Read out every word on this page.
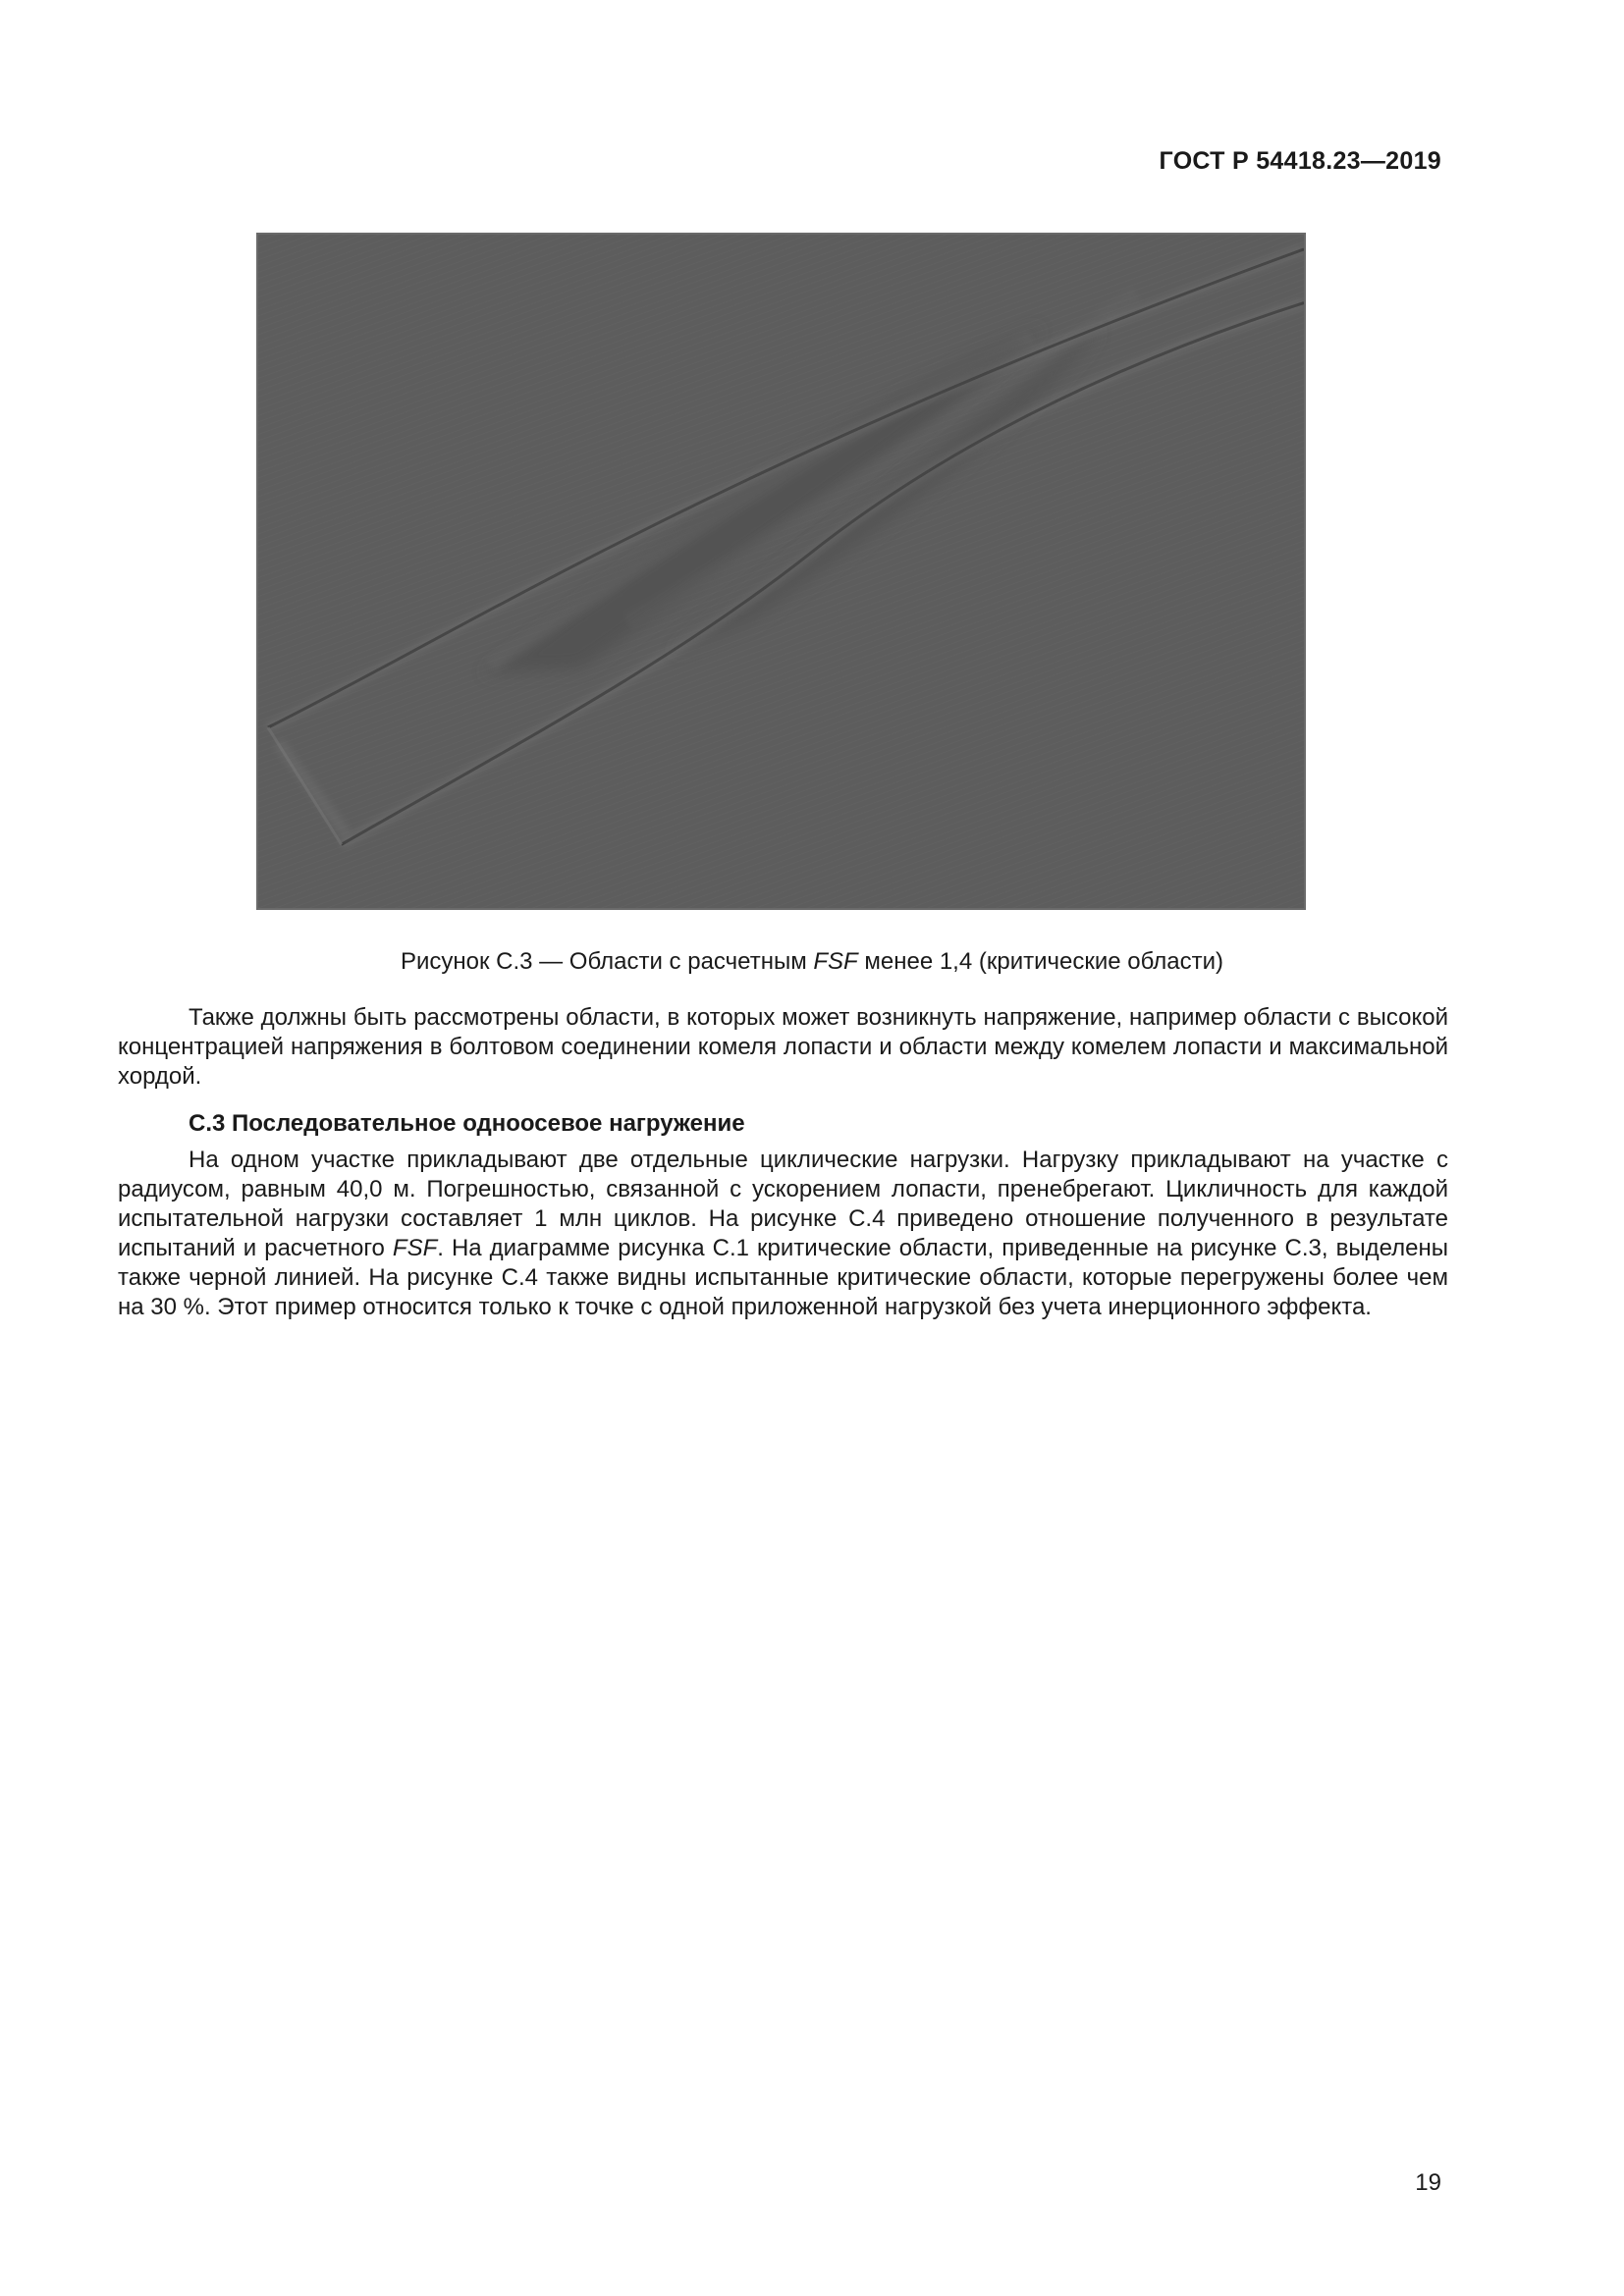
ГОСТ Р 54418.23—2019
Рисунок С.3 — Области с расчетным FSF менее 1,4 (критические области)
Также должны быть рассмотрены области, в которых может возникнуть напряжение, например области с высокой концентрацией напряжения в болтовом соединении комеля лопасти и области между комелем лопасти и максимальной хордой.
С.3 Последовательное одноосевое нагружение
На одном участке прикладывают две отдельные циклические нагрузки. Нагрузку прикладывают на участке с радиусом, равным 40,0 м. Погрешностью, связанной с ускорением лопасти, пренебрегают. Цикличность для каждой испытательной нагрузки составляет 1 млн циклов. На рисунке С.4 приведено отношение полученного в результате испытаний и расчетного FSF. На диаграмме рисунка С.1 критические области, приведенные на рисунке С.3, выделены также черной линией. На рисунке С.4 также видны испытанные критические области, которые перегружены более чем на 30 %. Этот пример относится только к точке с одной приложенной нагрузкой без учета инерционного эффекта.
19
